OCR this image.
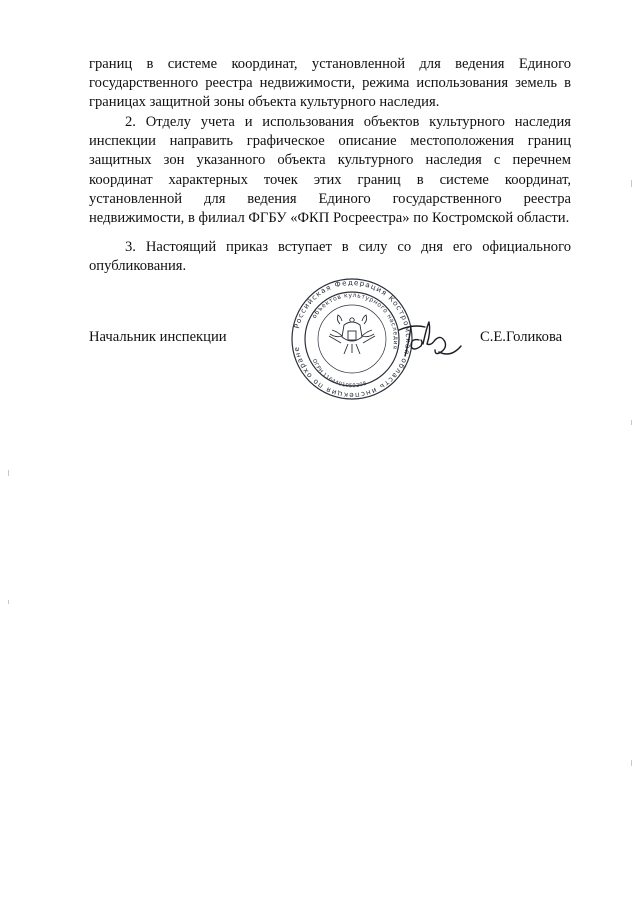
границ в системе координат, установленной для ведения Единого государственного реестра недвижимости, режима использования земель в границах защитной зоны объекта культурного наследия.

2. Отделу учета и использования объектов культурного наследия инспекции направить графическое описание местоположения границ защитных зон указанного объекта культурного наследия с перечнем координат характерных точек этих границ в системе координат, установленной для ведения Единого государственного реестра недвижимости, в филиал ФГБУ «ФКП Росреестра» по Костромской области.

3. Настоящий приказ вступает в силу со дня его официального опубликования.

Начальник инспекции
Российская Федерация Костромская область инспекция по охране
объектов культурного наследия
ОГРН 1164401050208
С.Е.Голикова
